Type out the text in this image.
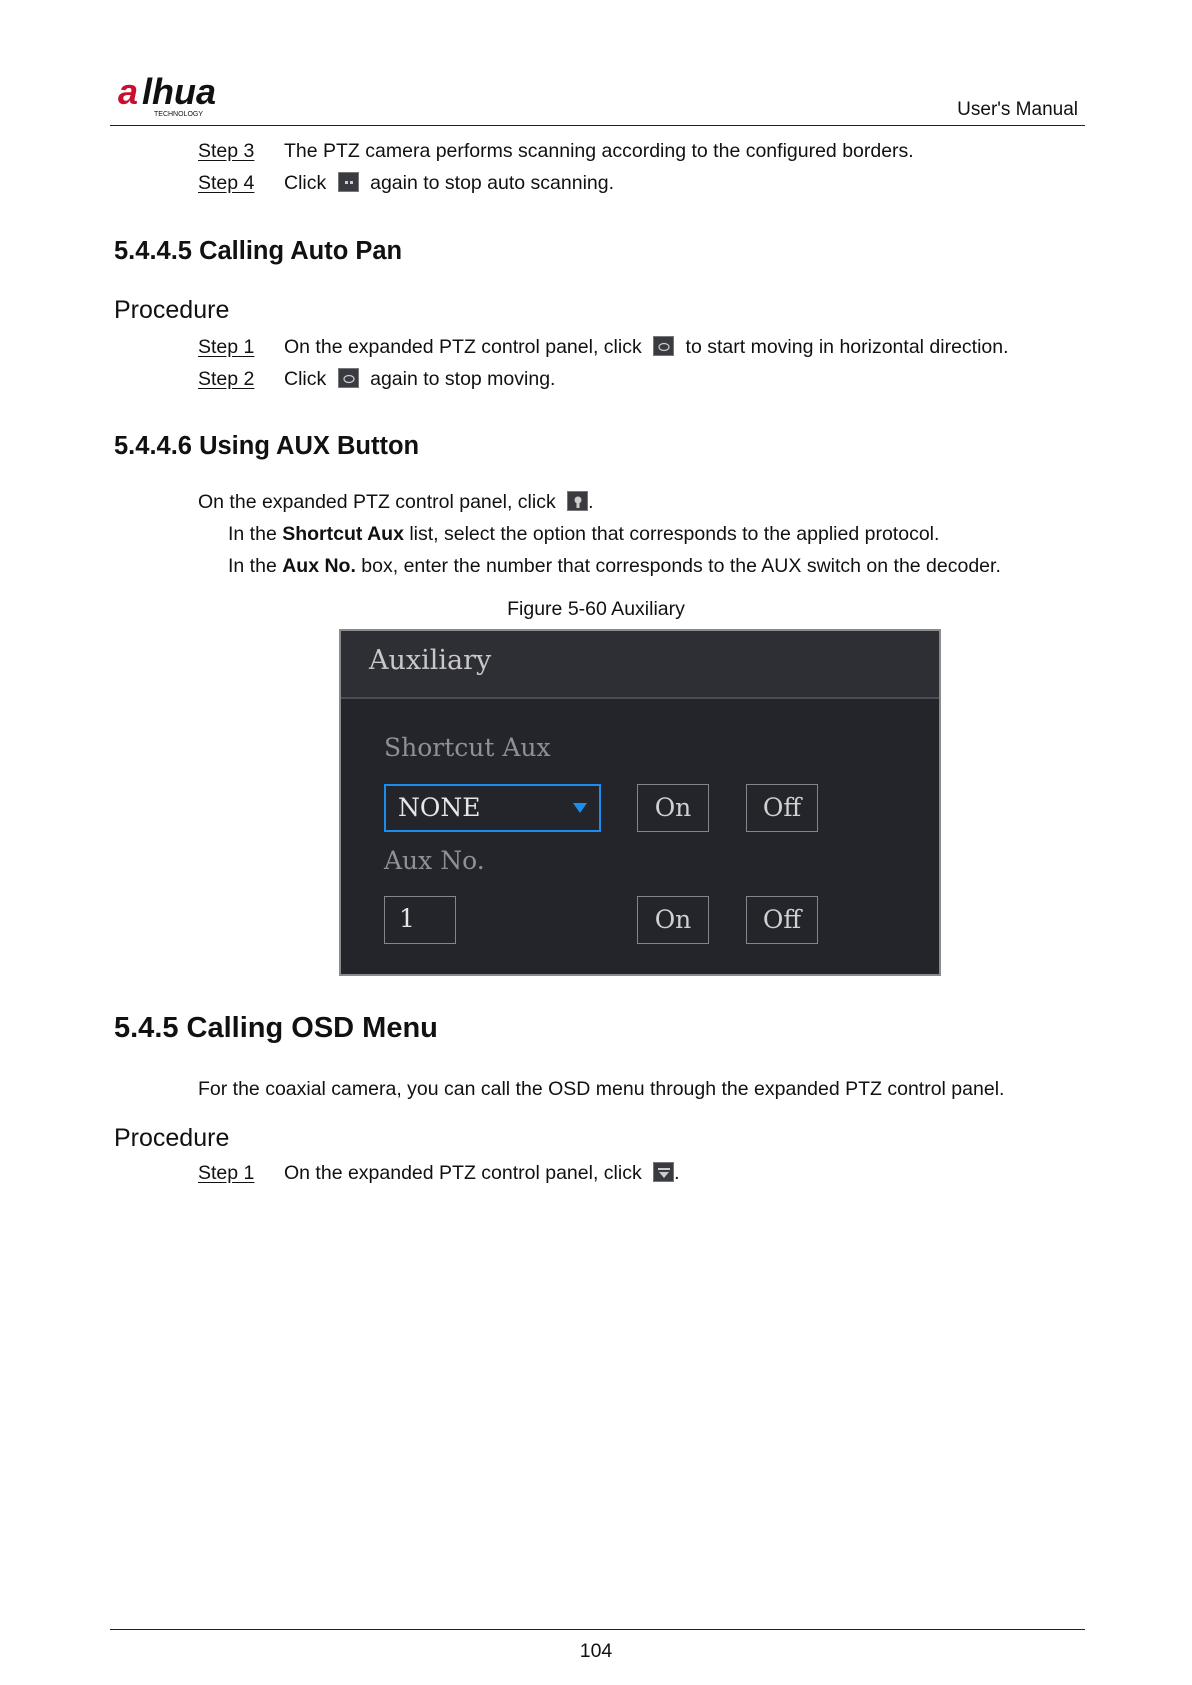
a lhua
TECHNOLOGY	User's Manual
Step 3 The PTZ camera performs scanning according to the configured borders.
Step 4 Click again to stop auto scanning.
5.4.4.5 Calling Auto Pan
Procedure
Step 1 On the expanded PTZ control panel, click to start moving in horizontal direction.
Step 2 Click again to stop moving.
5.4.4.6 Using AUX Button
On the expanded PTZ control panel, click .
In the Shortcut Aux list, select the option that corresponds to the applied protocol.
In the Aux No. box, enter the number that corresponds to the AUX switch on the decoder.
Figure 5-60 Auxiliary
Auxiliary
Shortcut Aux
NONE	On	Off
Aux No.
1	On	Off
5.4.5 Calling OSD Menu
For the coaxial camera, you can call the OSD menu through the expanded PTZ control panel.
Procedure
Step 1 On the expanded PTZ control panel, click .
104
